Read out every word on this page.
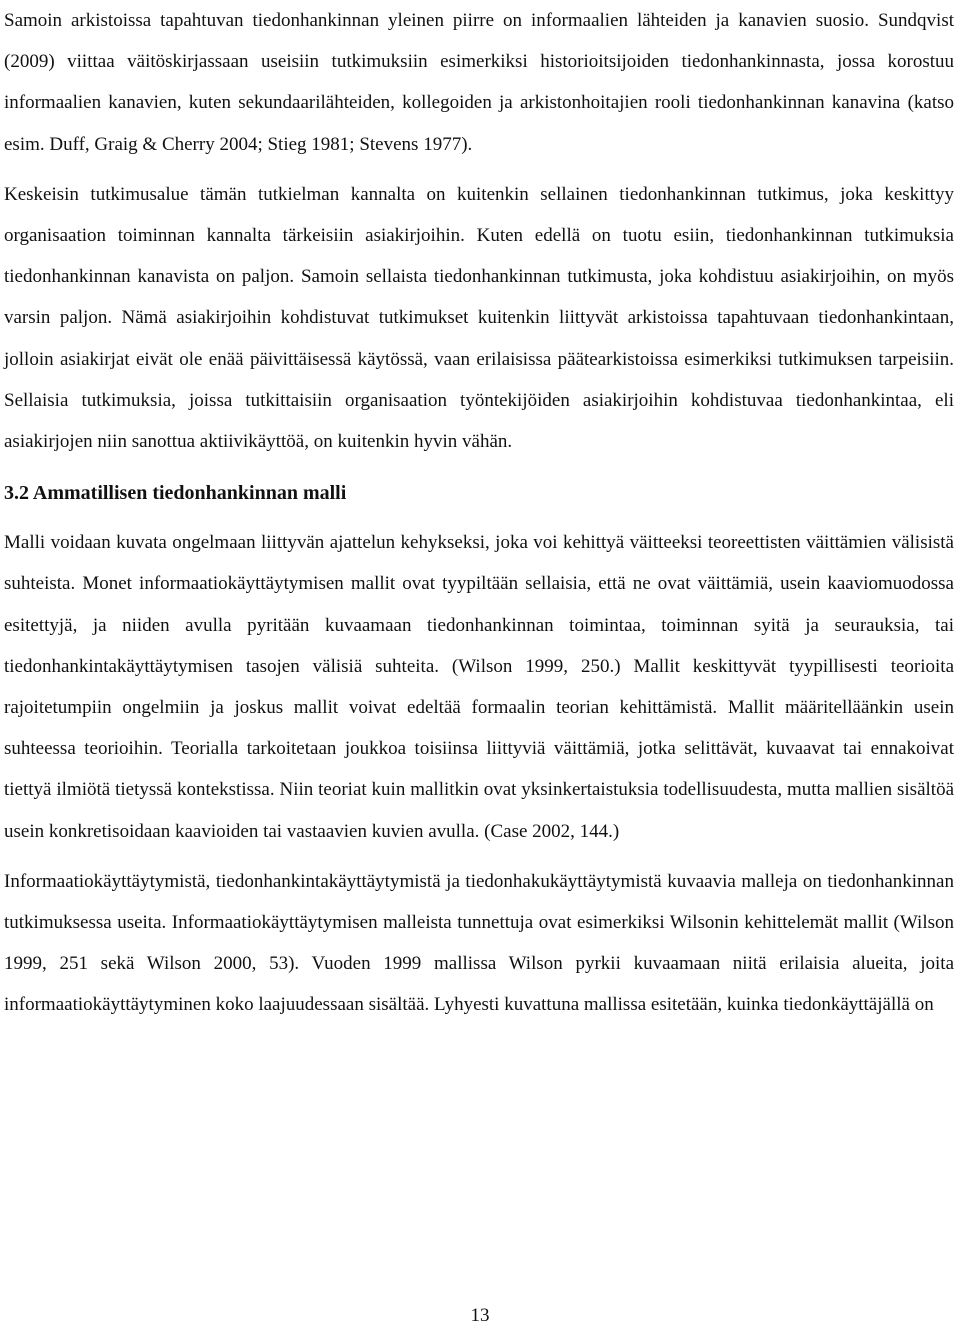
Samoin arkistoissa tapahtuvan tiedonhankinnan yleinen piirre on informaalien lähteiden ja kanavien suosio. Sundqvist (2009) viittaa väitöskirjassaan useisiin tutkimuksiin esimerkiksi historioitsijoiden tiedonhankinnasta, jossa korostuu informaalien kanavien, kuten sekundaarilähteiden, kollegoiden ja arkistonhoitajien rooli tiedonhankinnan kanavina (katso esim. Duff, Graig & Cherry 2004; Stieg 1981; Stevens 1977).

Keskeisin tutkimusalue tämän tutkielman kannalta on kuitenkin sellainen tiedonhankinnan tutkimus, joka keskittyy organisaation toiminnan kannalta tärkeisiin asiakirjoihin. Kuten edellä on tuotu esiin, tiedonhankinnan tutkimuksia tiedonhankinnan kanavista on paljon. Samoin sellaista tiedonhankinnan tutkimusta, joka kohdistuu asiakirjoihin, on myös varsin paljon. Nämä asiakirjoihin kohdistuvat tutkimukset kuitenkin liittyvät arkistoissa tapahtuvaan tiedonhankintaan, jolloin asiakirjat eivät ole enää päivittäisessä käytössä, vaan erilaisissa päätearkistoissa esimerkiksi tutkimuksen tarpeisiin. Sellaisia tutkimuksia, joissa tutkittaisiin organisaation työntekijöiden asiakirjoihin kohdistuvaa tiedonhankintaa, eli asiakirjojen niin sanottua aktiivikäyttöä, on kuitenkin hyvin vähän.

3.2 Ammatillisen tiedonhankinnan malli

Malli voidaan kuvata ongelmaan liittyvän ajattelun kehykseksi, joka voi kehittyä väitteeksi teoreettisten väittämien välisistä suhteista. Monet informaatiokäyttäytymisen mallit ovat tyypiltään sellaisia, että ne ovat väittämiä, usein kaaviomuodossa esitettyjä, ja niiden avulla pyritään kuvaamaan tiedonhankinnan toimintaa, toiminnan syitä ja seurauksia, tai tiedonhankintakäyttäytymisen tasojen välisiä suhteita. (Wilson 1999, 250.) Mallit keskittyvät tyypillisesti teorioita rajoitetumpiin ongelmiin ja joskus mallit voivat edeltää formaalin teorian kehittämistä. Mallit määritelläänkin usein suhteessa teorioihin. Teorialla tarkoitetaan joukkoa toisiinsa liittyviä väittämiä, jotka selittävät, kuvaavat tai ennakoivat tiettyä ilmiötä tietyssä kontekstissa. Niin teoriat kuin mallitkin ovat yksinkertaistuksia todellisuudesta, mutta mallien sisältöä usein konkretisoidaan kaavioiden tai vastaavien kuvien avulla. (Case 2002, 144.)

Informaatiokäyttäytymistä, tiedonhankintakäyttäytymistä ja tiedonhakukäyttäytymistä kuvaavia malleja on tiedonhankinnan tutkimuksessa useita. Informaatiokäyttäytymisen malleista tunnettuja ovat esimerkiksi Wilsonin kehittelemät mallit (Wilson 1999, 251 sekä Wilson 2000, 53). Vuoden 1999 mallissa Wilson pyrkii kuvaamaan niitä erilaisia alueita, joita informaatiokäyttäytyminen koko laajuudessaan sisältää. Lyhyesti kuvattuna mallissa esitetään, kuinka tiedonkäyttäjällä on

13
